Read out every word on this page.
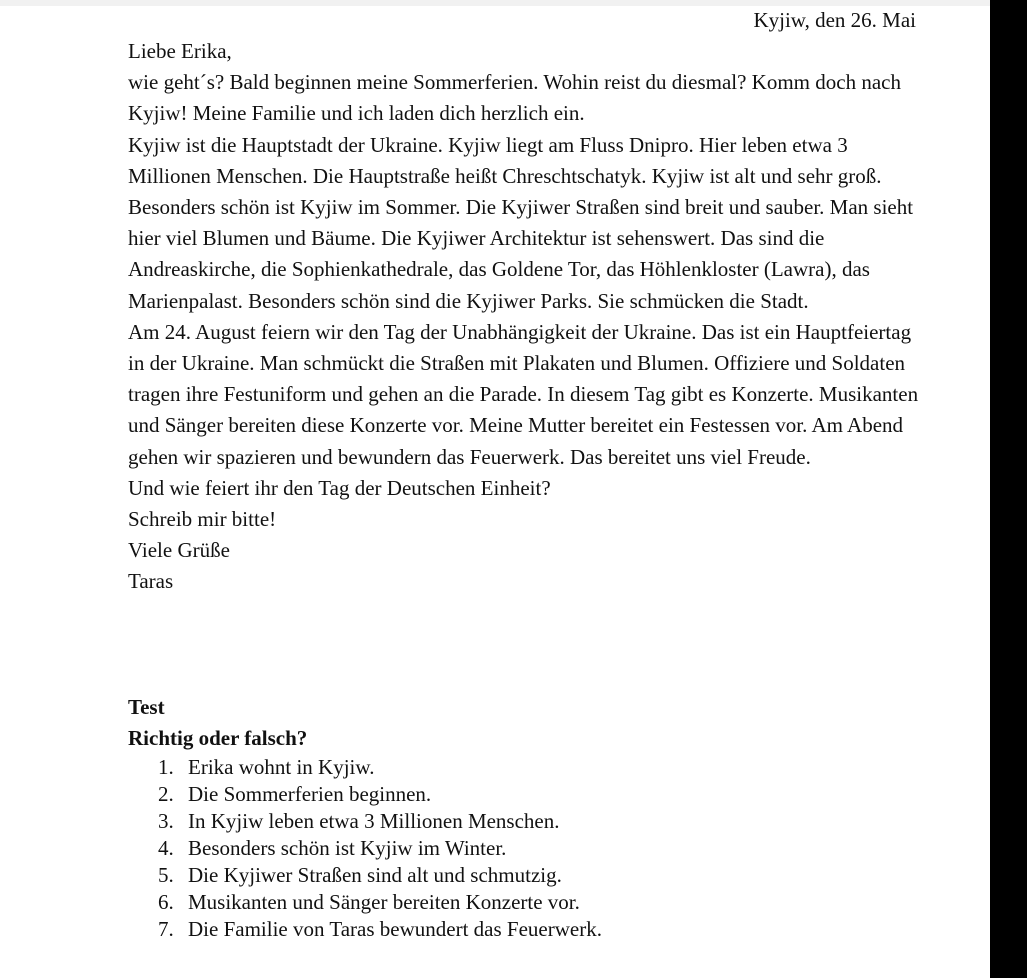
Kyjiw, den 26. Mai

Liebe Erika,

wie geht´s? Bald beginnen meine Sommerferien. Wohin reist du diesmal? Komm doch nach Kyjiw! Meine Familie und ich laden dich herzlich ein.

Kyjiw ist die Hauptstadt der Ukraine. Kyjiw liegt am Fluss Dnipro. Hier leben etwa 3 Millionen Menschen. Die Hauptstraße heißt Chreschtschatyk. Kyjiw ist alt und sehr groß. Besonders schön ist Kyjiw im Sommer. Die Kyjiwer Straßen sind breit und sauber. Man sieht hier viel Blumen und Bäume. Die Kyjiwer Architektur ist sehenswert. Das sind die Andreaskirche, die Sophienkathedrale, das Goldene Tor, das Höhlenkloster (Lawra), das Marienpalast. Besonders schön sind die Kyjiwer Parks. Sie schmücken die Stadt.

Am 24. August feiern wir den Tag der Unabhängigkeit der Ukraine. Das ist ein Hauptfeiertag in der Ukraine. Man schmückt die Straßen mit Plakaten und Blumen. Offiziere und Soldaten tragen ihre Festuniform und gehen an die Parade. In diesem Tag gibt es Konzerte. Musikanten und Sänger bereiten diese Konzerte vor. Meine Mutter bereitet ein Festessen vor. Am Abend gehen wir spazieren und bewundern das Feuerwerk. Das bereitet uns viel Freude.

Und wie feiert ihr den Tag der Deutschen Einheit?

Schreib mir bitte!

Viele Grüße

Taras

Test
Richtig oder falsch?
1. Erika wohnt in Kyjiw.
2. Die Sommerferien beginnen.
3. In Kyjiw leben etwa 3 Millionen Menschen.
4. Besonders schön ist Kyjiw im Winter.
5. Die Kyjiwer Straßen sind alt und schmutzig.
6. Musikanten und Sänger bereiten Konzerte vor.
7. Die Familie von Taras bewundert das Feuerwerk.
